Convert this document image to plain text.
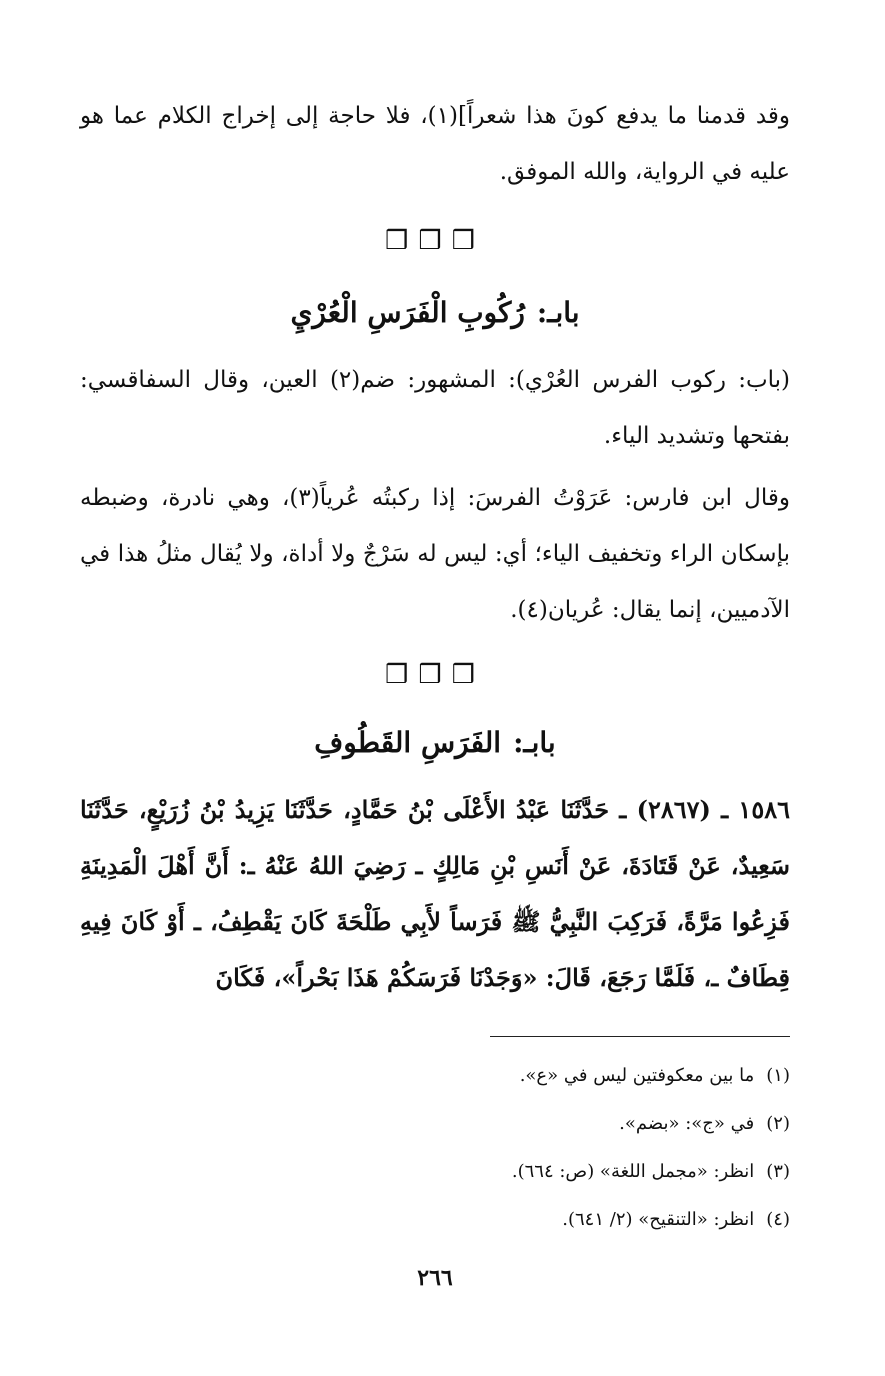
وقد قدمنا ما يدفع كونَ هذا شعراً](١)، فلا حاجة إلى إخراج الكلام عما هو عليه في الرواية، والله الموفق.
❒❒❒
بابـ:رُكُوبِ الْفَرَسِ الْعُرْيِ
(باب: ركوب الفرس العُرْي): المشهور: ضم(٢) العين، وقال السفاقسي: بفتحها وتشديد الياء.
وقال ابن فارس: عَرَوْتُ الفرسَ: إذا ركبتُه عُرياً(٣)، وهي نادرة، وضبطه بإسكان الراء وتخفيف الياء؛ أي: ليس له سَرْجٌ ولا أداة، ولا يُقال مثلُ هذا في الآدميين، إنما يقال: عُريان(٤).
❒❒❒
بابـ:الفَرَسِ القَطُوفِ
١٥٨٦ ـ (٢٨٦٧) ـ حَدَّثَنَا عَبْدُ الأَعْلَى بْنُ حَمَّادٍ، حَدَّثَنَا يَزِيدُ بْنُ زُرَيْعٍ، حَدَّثَنَا سَعِيدٌ، عَنْ قَتَادَةَ، عَنْ أَنَسِ بْنِ مَالِكٍ ـ رَضِيَ اللهُ عَنْهُ ـ: أَنَّ أَهْلَ الْمَدِينَةِ فَزِعُوا مَرَّةً، فَرَكِبَ النَّبِيُّ ﷺ فَرَساً لأَبِي طَلْحَةَ كَانَ يَقْطِفُ، ـ أَوْ كَانَ فِيهِ قِطَافٌ ـ، فَلَمَّا رَجَعَ، قَالَ: «وَجَدْنَا فَرَسَكُمْ هَذَا بَحْراً»، فَكَانَ
(١)ما بين معكوفتين ليس في «ع».
(٢)في «ج»: «بضم».
(٣)انظر: «مجمل اللغة» (ص: ٦٦٤).
(٤)انظر: «التنقيح» (٢/ ٦٤١).
٢٦٦
